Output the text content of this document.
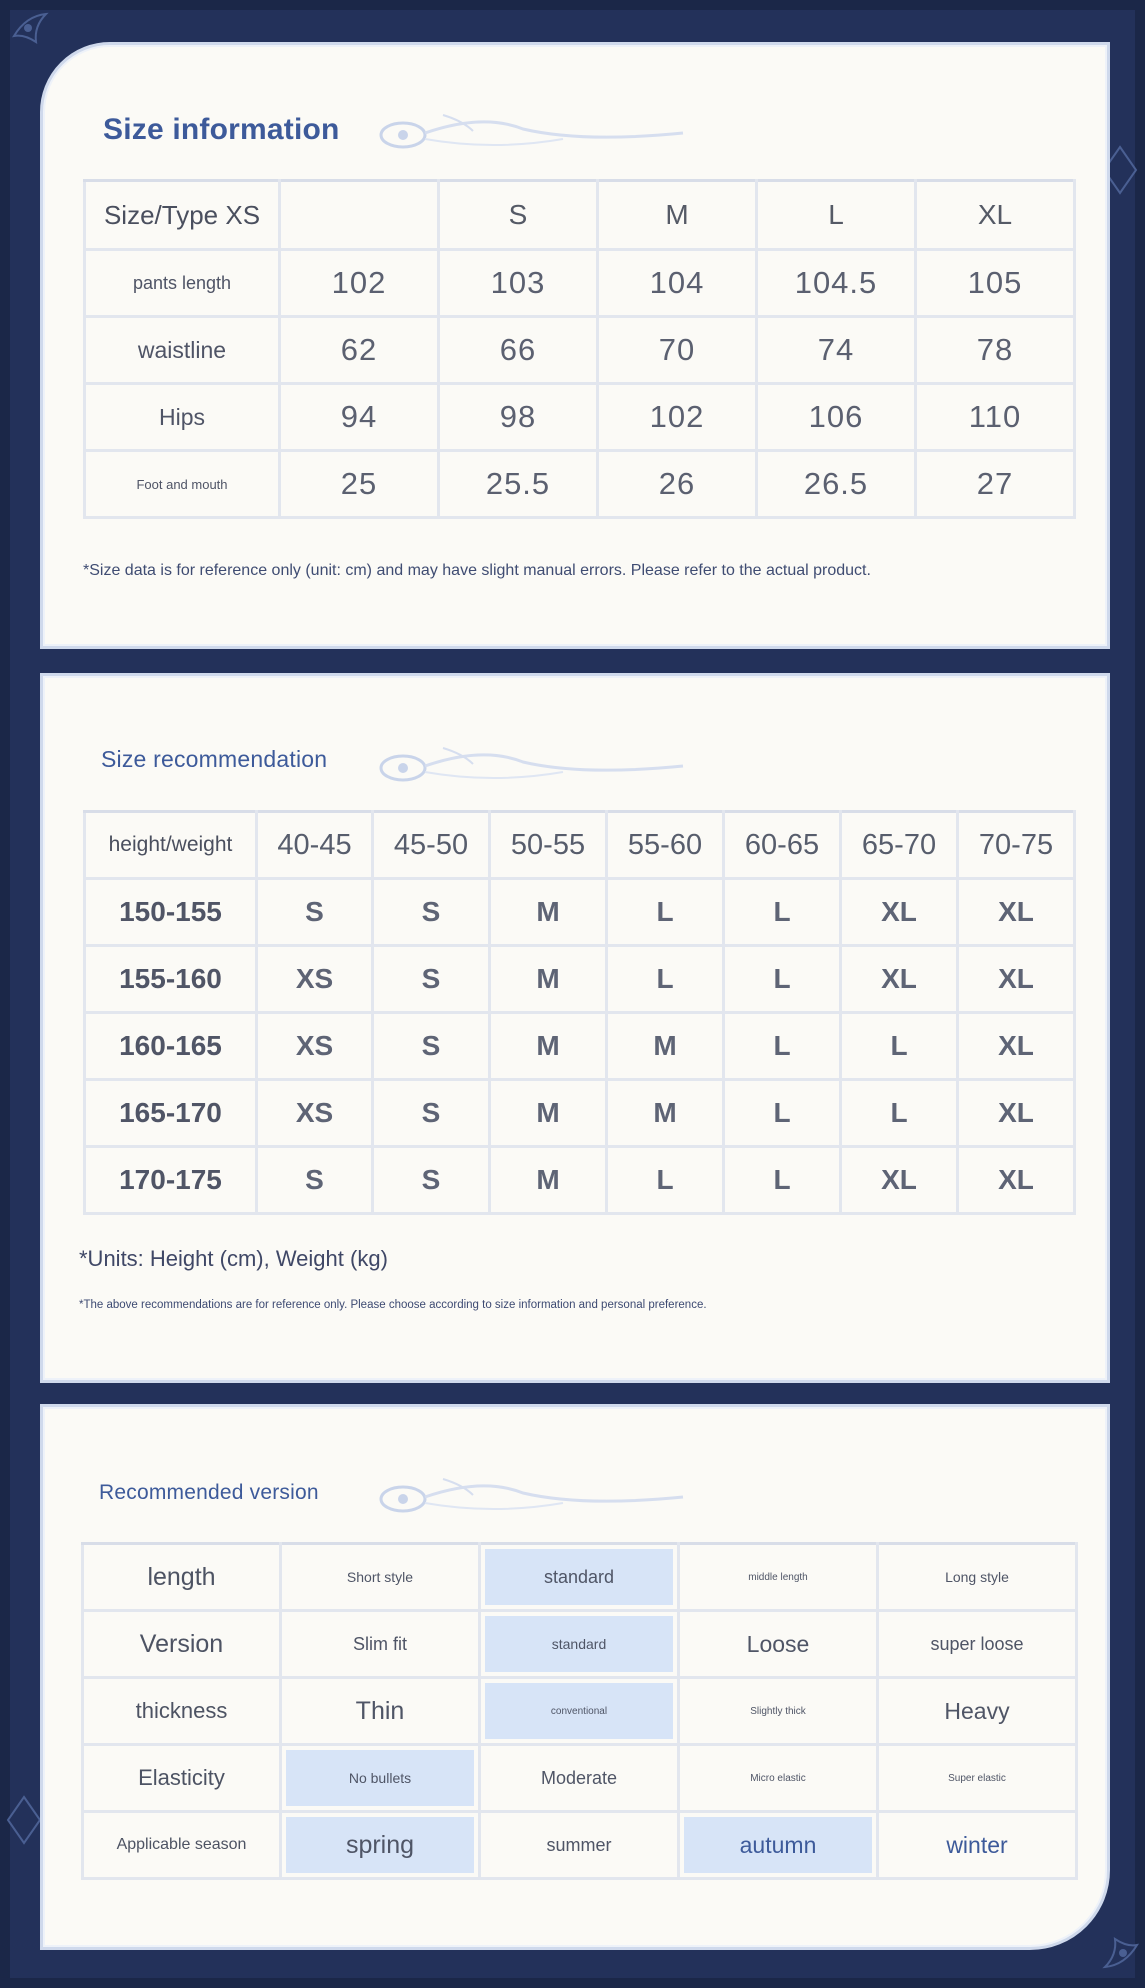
Size information
Size/Type XS		S	M	L	XL
pants length	102	103	104	104.5	105
waistline	62	66	70	74	78
Hips	94	98	102	106	110
Foot and mouth	25	25.5	26	26.5	27
*Size data is for reference only (unit: cm) and may have slight manual errors. Please refer to the actual product.
Size recommendation
height/weight	40-45	45-50	50-55	55-60	60-65	65-70	70-75
150-155	S	S	M	L	L	XL	XL
155-160	XS	S	M	L	L	XL	XL
160-165	XS	S	M	M	L	L	XL
165-170	XS	S	M	M	L	L	XL
170-175	S	S	M	L	L	XL	XL
*Units: Height (cm), Weight (kg)
*The above recommendations are for reference only. Please choose according to size information and personal preference.
Recommended version
length	Short style	standard	middle length	Long style
Version	Slim fit	standard	Loose	super loose
thickness	Thin	conventional	Slightly thick	Heavy
Elasticity	No bullets	Moderate	Micro elastic	Super elastic
Applicable season	spring	summer	autumn	winter
